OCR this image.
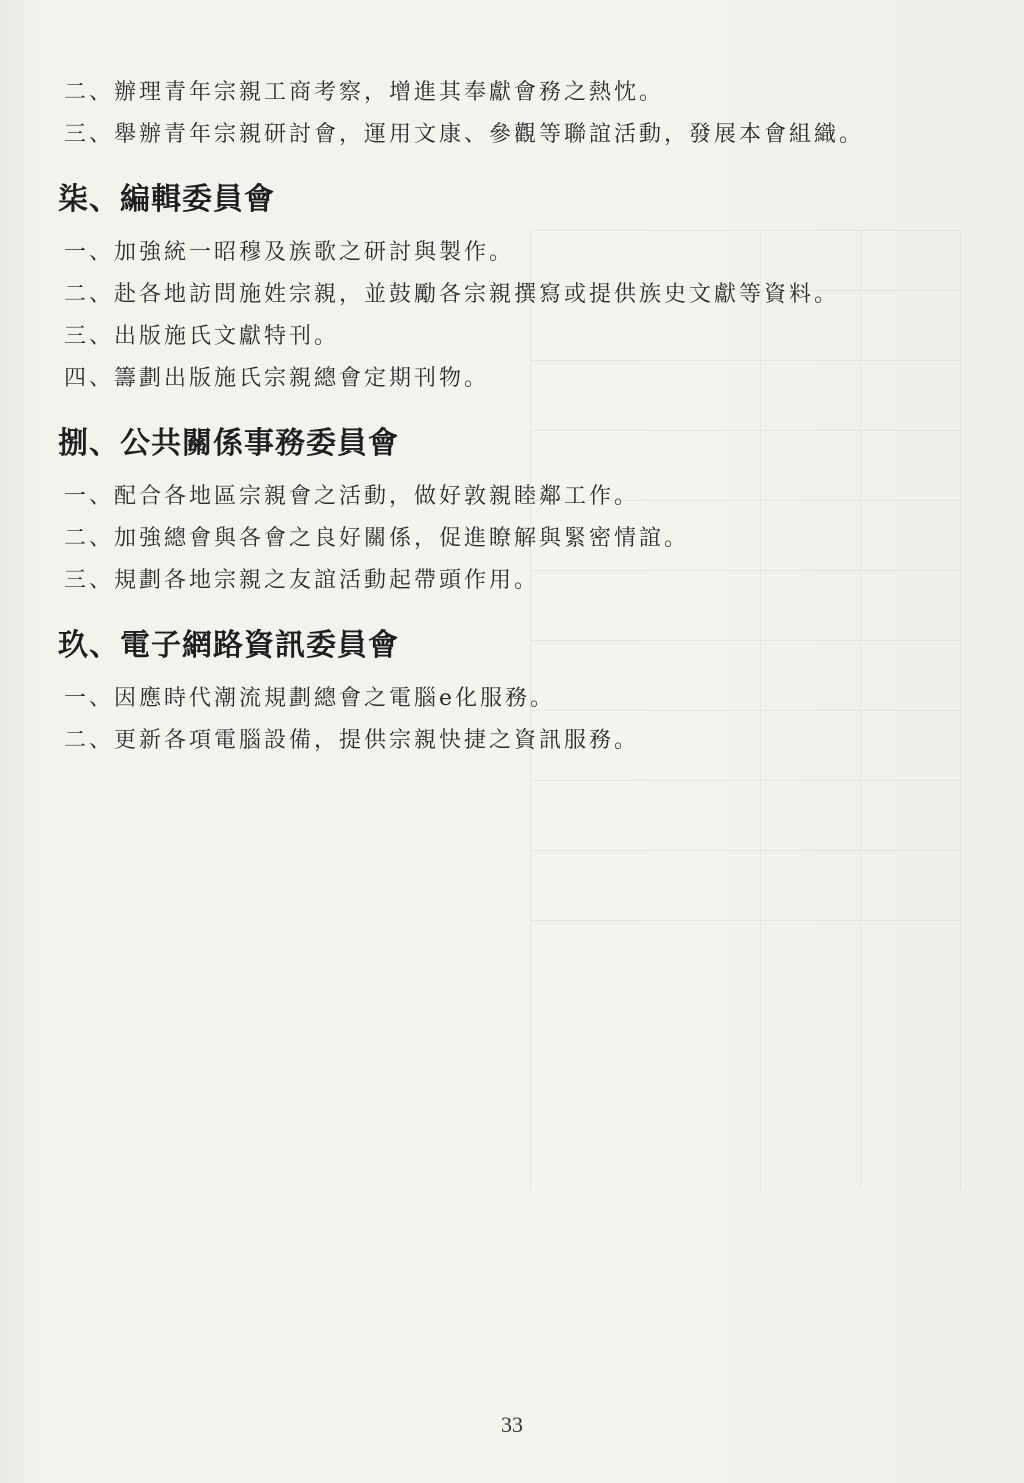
二、辦理青年宗親工商考察，增進其奉獻會務之熱忱。
三、舉辦青年宗親研討會，運用文康、參觀等聯誼活動，發展本會組織。
柒、編輯委員會
一、加強統一昭穆及族歌之研討與製作。
二、赴各地訪問施姓宗親，並鼓勵各宗親撰寫或提供族史文獻等資料。
三、出版施氏文獻特刊。
四、籌劃出版施氏宗親總會定期刊物。
捌、公共關係事務委員會
一、配合各地區宗親會之活動，做好敦親睦鄰工作。
二、加強總會與各會之良好關係，促進瞭解與緊密情誼。
三、規劃各地宗親之友誼活動起帶頭作用。
玖、電子網路資訊委員會
一、因應時代潮流規劃總會之電腦e化服務。
二、更新各項電腦設備，提供宗親快捷之資訊服務。
33
